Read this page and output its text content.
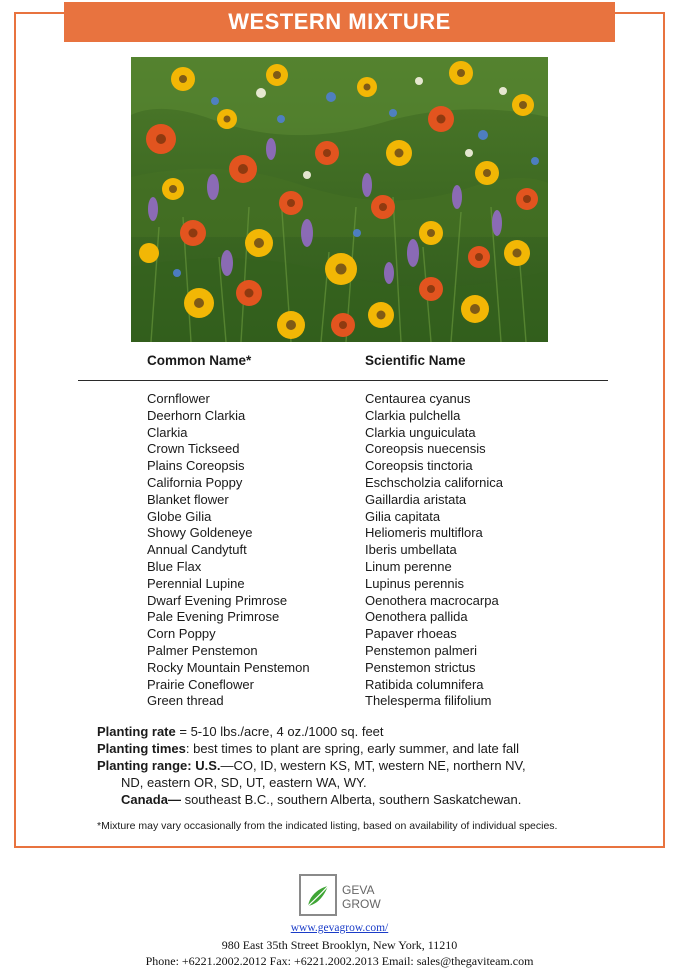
WESTERN MIXTURE
Common Name*	Scientific Name
Cornflower	Centaurea cyanus
Deerhorn Clarkia	Clarkia pulchella
Clarkia	Clarkia unguiculata
Crown Tickseed	Coreopsis nuecensis
Plains Coreopsis	Coreopsis tinctoria
California Poppy	Eschscholzia californica
Blanket flower	Gaillardia aristata
Globe Gilia	Gilia capitata
Showy Goldeneye	Heliomeris multiflora
Annual Candytuft	Iberis umbellata
Blue Flax	Linum perenne
Perennial Lupine	Lupinus perennis
Dwarf Evening Primrose	Oenothera macrocarpa
Pale Evening Primrose	Oenothera pallida
Corn Poppy	Papaver rhoeas
Palmer Penstemon	Penstemon palmeri
Rocky Mountain Penstemon	Penstemon strictus
Prairie Coneflower	Ratibida columnifera
Green thread	Thelesperma filifolium
Planting rate = 5-10 lbs./acre, 4 oz./1000 sq. feet
Planting times: best times to plant are spring, early summer, and late fall
Planting range: U.S.—CO, ID, western KS, MT, western NE, northern NV,
ND, eastern OR, SD, UT, eastern WA, WY.
Canada— southeast B.C., southern Alberta, southern Saskatchewan.
*Mixture may vary occasionally from the indicated listing, based on availability of individual species.
GEVA
GROW
www.gevagrow.com/
980 East 35th Street Brooklyn, New York, 11210
Phone: +6221.2002.2012 Fax: +6221.2002.2013 Email: sales@thegaviteam.com
